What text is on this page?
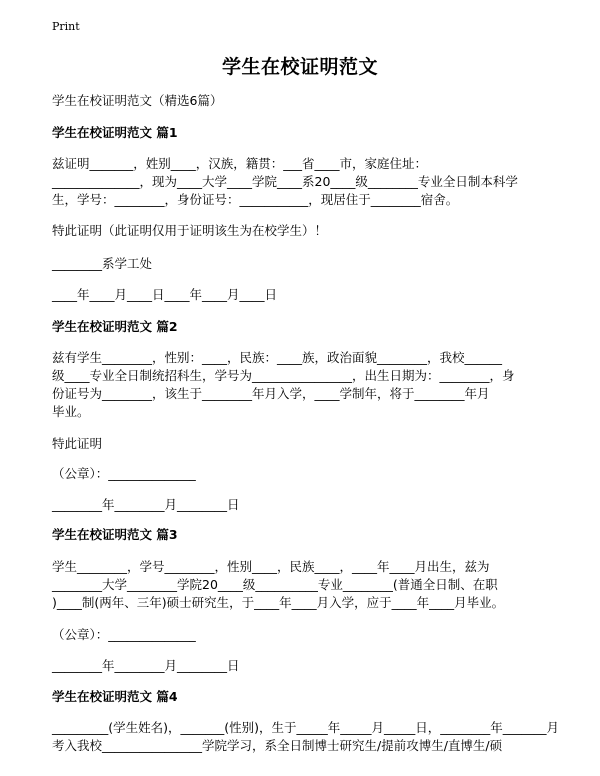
Print
学生在校证明范文
学生在校证明范文（精选6篇）
学生在校证明范文 篇1
兹证明_______，姓别____，汉族，籍贯：___省____市，家庭住址：
______________，现为____大学____学院____系20____级________专业全日制本科学
生，学号：________，身份证号：___________，现居住于________宿舍。
特此证明（此证明仅用于证明该生为在校学生）！
________系学工处
____年____月____日____年____月____日
学生在校证明范文 篇2
兹有学生________，性别：____，民族：____族，政治面貌________，我校______
级____专业全日制统招科生，学号为________________，出生日期为：________，身
份证号为________，该生于________年月入学，____学制年，将于________年月
毕业。
特此证明
（公章）：______________
________年________月________日
学生在校证明范文 篇3
学生________，学号________，性别____，民族____，____年____月出生，兹为
________大学________学院20____级__________专业________(普通全日制、在职
)____制(两年、三年)硕士研究生，于____年____月入学，应于____年____月毕业。
（公章）：______________
________年________月________日
学生在校证明范文 篇4
_________(学生姓名)，_______(性别)，生于_____年_____月_____日，________年_______月
考入我校________________学院学习，系全日制博士研究生/提前攻博生/直博生/硕
